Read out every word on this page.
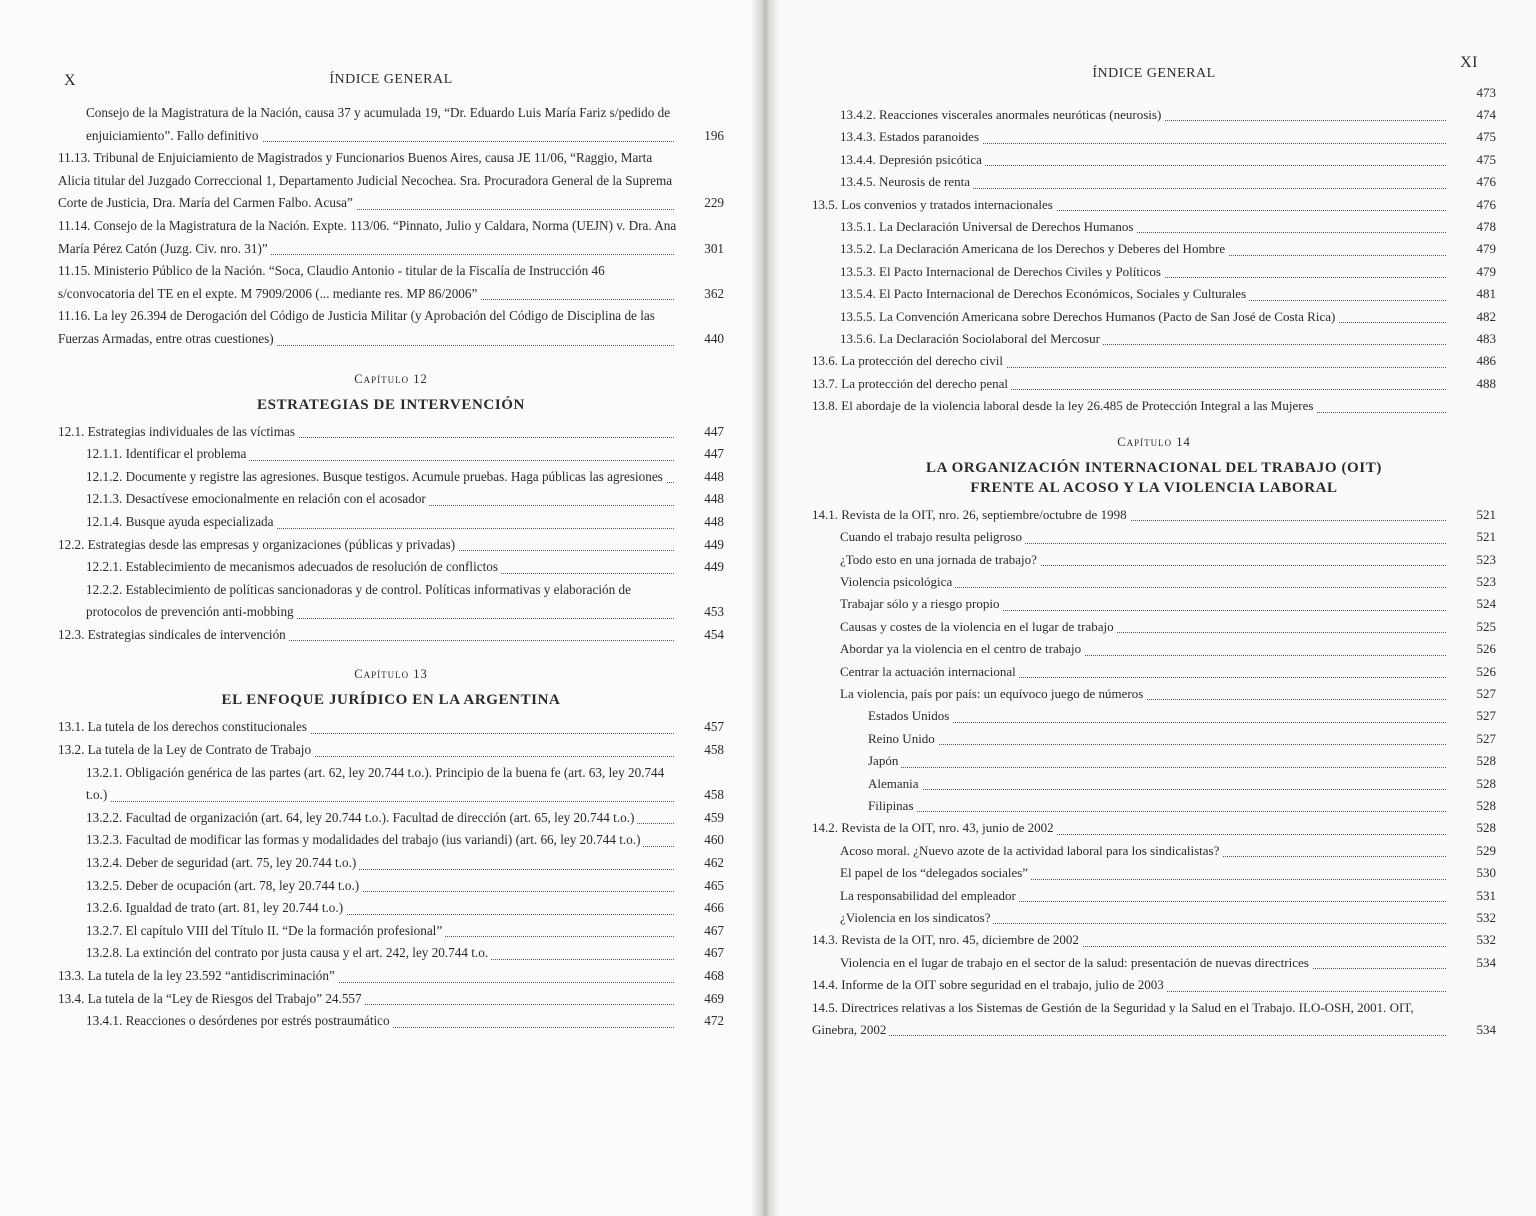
X	ÍNDICE GENERAL
Consejo de la Magistratura de la Nación, causa 37 y acumulada 19, “Dr. Eduardo Luis María Fariz s/pedido de enjuiciamiento”. Fallo definitivo	196
11.13. Tribunal de Enjuiciamiento de Magistrados y Funcionarios Buenos Aires, causa JE 11/06, “Raggio, Marta Alicia titular del Juzgado Correccional 1, Departamento Judicial Necochea. Sra. Procuradora General de la Suprema Corte de Justicia, Dra. María del Carmen Falbo. Acusa”	229
11.14. Consejo de la Magistratura de la Nación. Expte. 113/06. “Pinnato, Julio y Caldara, Norma (UEJN) v. Dra. Ana María Pérez Catón (Juzg. Civ. nro. 31)”	301
11.15. Ministerio Público de la Nación. “Soca, Claudio Antonio - titular de la Fiscalía de Instrucción 46 s/convocatoria del TE en el expte. M 7909/2006 (... mediante res. MP 86/2006”	362
11.16. La ley 26.394 de Derogación del Código de Justicia Militar (y Aprobación del Código de Disciplina de las Fuerzas Armadas, entre otras cuestiones)	440
Capítulo 12
ESTRATEGIAS DE INTERVENCIÓN
12.1. Estrategias individuales de las víctimas	447
12.1.1. Identificar el problema	447
12.1.2. Documente y registre las agresiones. Busque testigos. Acumule pruebas. Haga públicas las agresiones	448
12.1.3. Desactívese emocionalmente en relación con el acosador	448
12.1.4. Busque ayuda especializada	448
12.2. Estrategias desde las empresas y organizaciones (públicas y privadas)	449
12.2.1. Establecimiento de mecanismos adecuados de resolución de conflictos	449
12.2.2. Establecimiento de políticas sancionadoras y de control. Políticas informativas y elaboración de protocolos de prevención anti-mobbing	453
12.3. Estrategias sindicales de intervención	454
Capítulo 13
EL ENFOQUE JURÍDICO EN LA ARGENTINA
13.1. La tutela de los derechos constitucionales	457
13.2. La tutela de la Ley de Contrato de Trabajo	458
13.2.1. Obligación genérica de las partes (art. 62, ley 20.744 t.o.). Principio de la buena fe (art. 63, ley 20.744 t.o.)	458
13.2.2. Facultad de organización (art. 64, ley 20.744 t.o.). Facultad de dirección (art. 65, ley 20.744 t.o.)	459
13.2.3. Facultad de modificar las formas y modalidades del trabajo (ius variandi) (art. 66, ley 20.744 t.o.)	460
13.2.4. Deber de seguridad (art. 75, ley 20.744 t.o.)	462
13.2.5. Deber de ocupación (art. 78, ley 20.744 t.o.)	465
13.2.6. Igualdad de trato (art. 81, ley 20.744 t.o.)	466
13.2.7. El capítulo VIII del Título II. “De la formación profesional”	467
13.2.8. La extinción del contrato por justa causa y el art. 242, ley 20.744 t.o.	467
13.3. La tutela de la ley 23.592 “antidiscriminación”	468
13.4. La tutela de la “Ley de Riesgos del Trabajo” 24.557	469
13.4.1. Reacciones o desórdenes por estrés postraumático	472
ÍNDICE GENERAL
XI
473
13.4.2. Reacciones viscerales anormales neuróticas (neurosis)	474
13.4.3. Estados paranoides	475
13.4.4. Depresión psicótica	475
13.4.5. Neurosis de renta	476
13.5. Los convenios y tratados internacionales	476
13.5.1. La Declaración Universal de Derechos Humanos	478
13.5.2. La Declaración Americana de los Derechos y Deberes del Hombre	479
13.5.3. El Pacto Internacional de Derechos Civiles y Políticos	479
13.5.4. El Pacto Internacional de Derechos Económicos, Sociales y Culturales	481
13.5.5. La Convención Americana sobre Derechos Humanos (Pacto de San José de Costa Rica)	482
13.5.6. La Declaración Sociolaboral del Mercosur	483
13.6. La protección del derecho civil	486
13.7. La protección del derecho penal	488
13.8. El abordaje de la violencia laboral desde la ley 26.485 de Protección Integral a las Mujeres
Capítulo 14
LA ORGANIZACIÓN INTERNACIONAL DEL TRABAJO (OIT)
FRENTE AL ACOSO Y LA VIOLENCIA LABORAL
14.1. Revista de la OIT, nro. 26, septiembre/octubre de 1998	521
Cuando el trabajo resulta peligroso	521
¿Todo esto en una jornada de trabajo?	523
Violencia psicológica	523
Trabajar sólo y a riesgo propio	524
Causas y costes de la violencia en el lugar de trabajo	525
Abordar ya la violencia en el centro de trabajo	526
Centrar la actuación internacional	526
La violencia, país por país: un equívoco juego de números	527
Estados Unidos	527
Reino Unido	527
Japón	528
Alemania	528
Filipinas	528
14.2. Revista de la OIT, nro. 43, junio de 2002	528
Acoso moral. ¿Nuevo azote de la actividad laboral para los sindicalistas?	529
El papel de los “delegados sociales”	530
La responsabilidad del empleador	531
¿Violencia en los sindicatos?	532
14.3. Revista de la OIT, nro. 45, diciembre de 2002	532
Violencia en el lugar de trabajo en el sector de la salud: presentación de nuevas directrices	534
14.4. Informe de la OIT sobre seguridad en el trabajo, julio de 2003
14.5. Directrices relativas a los Sistemas de Gestión de la Seguridad y la Salud en el Trabajo. ILO-OSH, 2001. OIT, Ginebra, 2002	534
